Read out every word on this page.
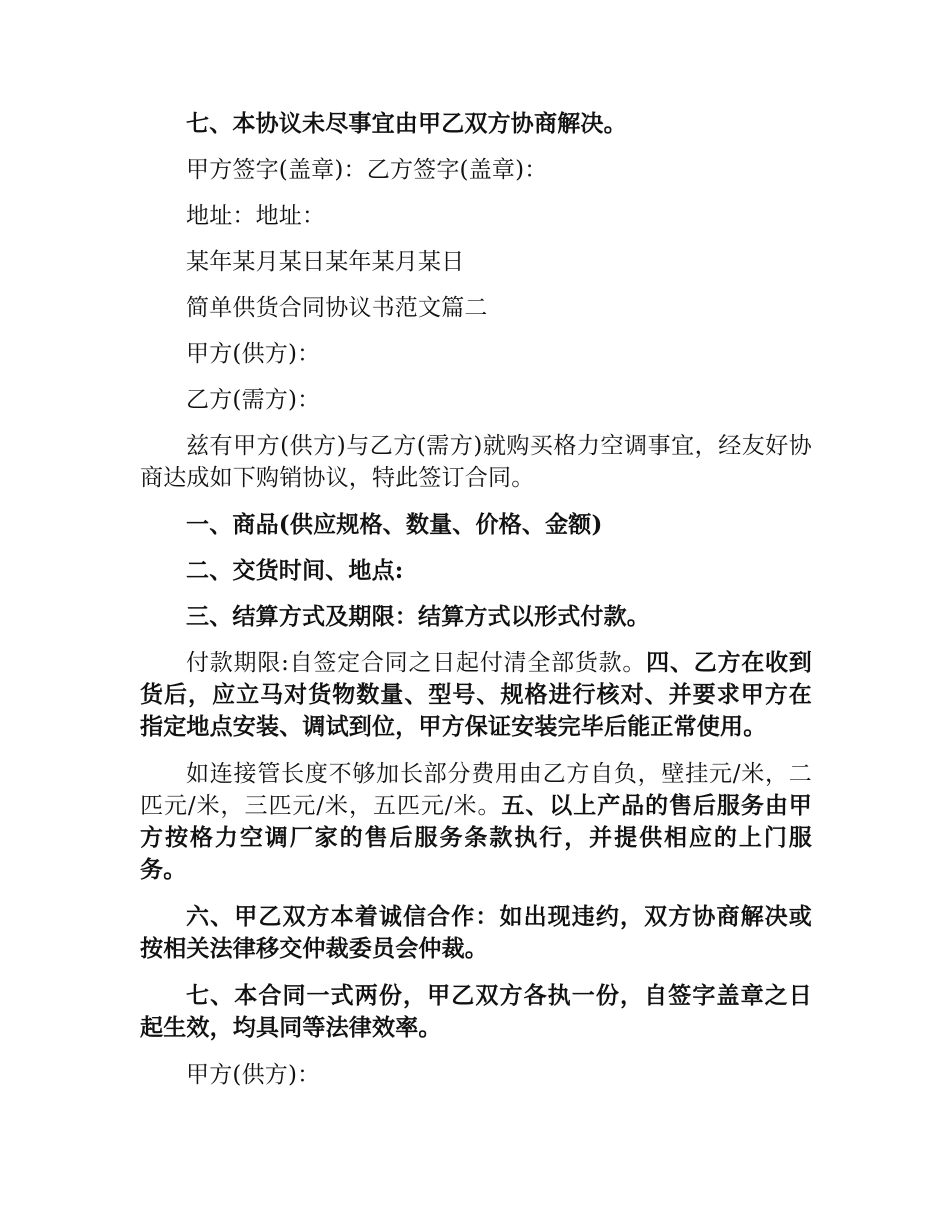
七、本协议未尽事宜由甲乙双方协商解决。

甲方签字(盖章)：乙方签字(盖章)：

地址：地址：

某年某月某日某年某月某日

简单供货合同协议书范文篇二

甲方(供方)：

乙方(需方)：

兹有甲方(供方)与乙方(需方)就购买格力空调事宜，经友好协商达成如下购销协议，特此签订合同。

一、商品(供应规格、数量、价格、金额)

二、交货时间、地点:

三、结算方式及期限：结算方式以形式付款。

付款期限:自签定合同之日起付清全部货款。四、乙方在收到货后，应立马对货物数量、型号、规格进行核对、并要求甲方在指定地点安装、调试到位，甲方保证安装完毕后能正常使用。

如连接管长度不够加长部分费用由乙方自负，壁挂元/米，二匹元/米，三匹元/米，五匹元/米。五、以上产品的售后服务由甲方按格力空调厂家的售后服务条款执行，并提供相应的上门服务。

六、甲乙双方本着诚信合作：如出现违约，双方协商解决或按相关法律移交仲裁委员会仲裁。

七、本合同一式两份，甲乙双方各执一份，自签字盖章之日起生效，均具同等法律效率。

甲方(供方)：
